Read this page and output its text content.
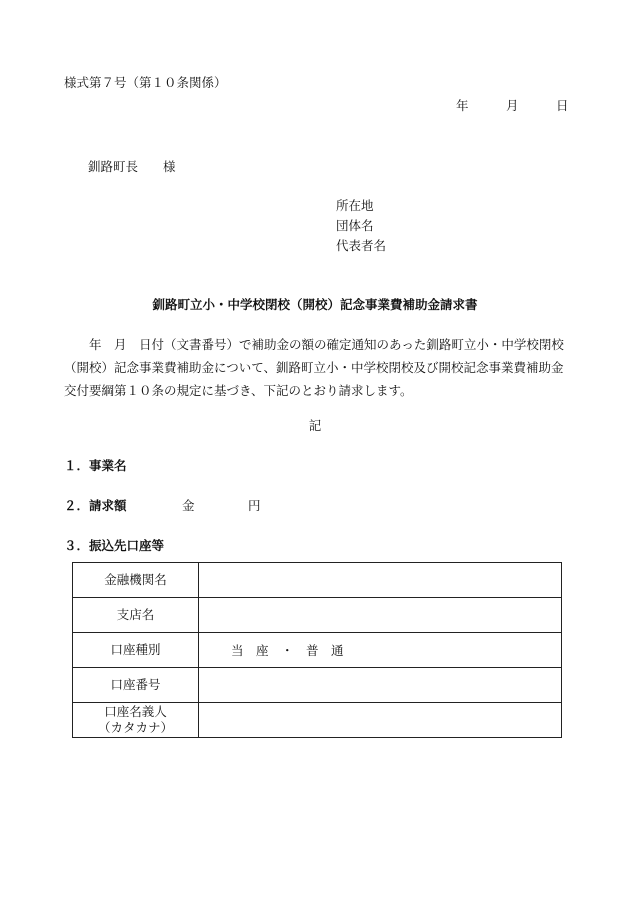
様式第７号（第１０条関係）
年	月	日
釧路町長　　様
所在地
団体名
代表者名
釧路町立小・中学校閉校（開校）記念事業費補助金請求書
　　年　月　日付（文書番号）で補助金の額の確定通知のあった釧路町立小・中学校閉校（開校）記念事業費補助金について、釧路町立小・中学校閉校及び開校記念事業費補助金交付要綱第１０条の規定に基づき、下記のとおり請求します。
記
１．事業名
２．請求額	金	円
３．振込先口座等
金融機関名	
支店名	
口座種別	当　座　・　普　通
口座番号	

口座名義人
（カタカナ）	
